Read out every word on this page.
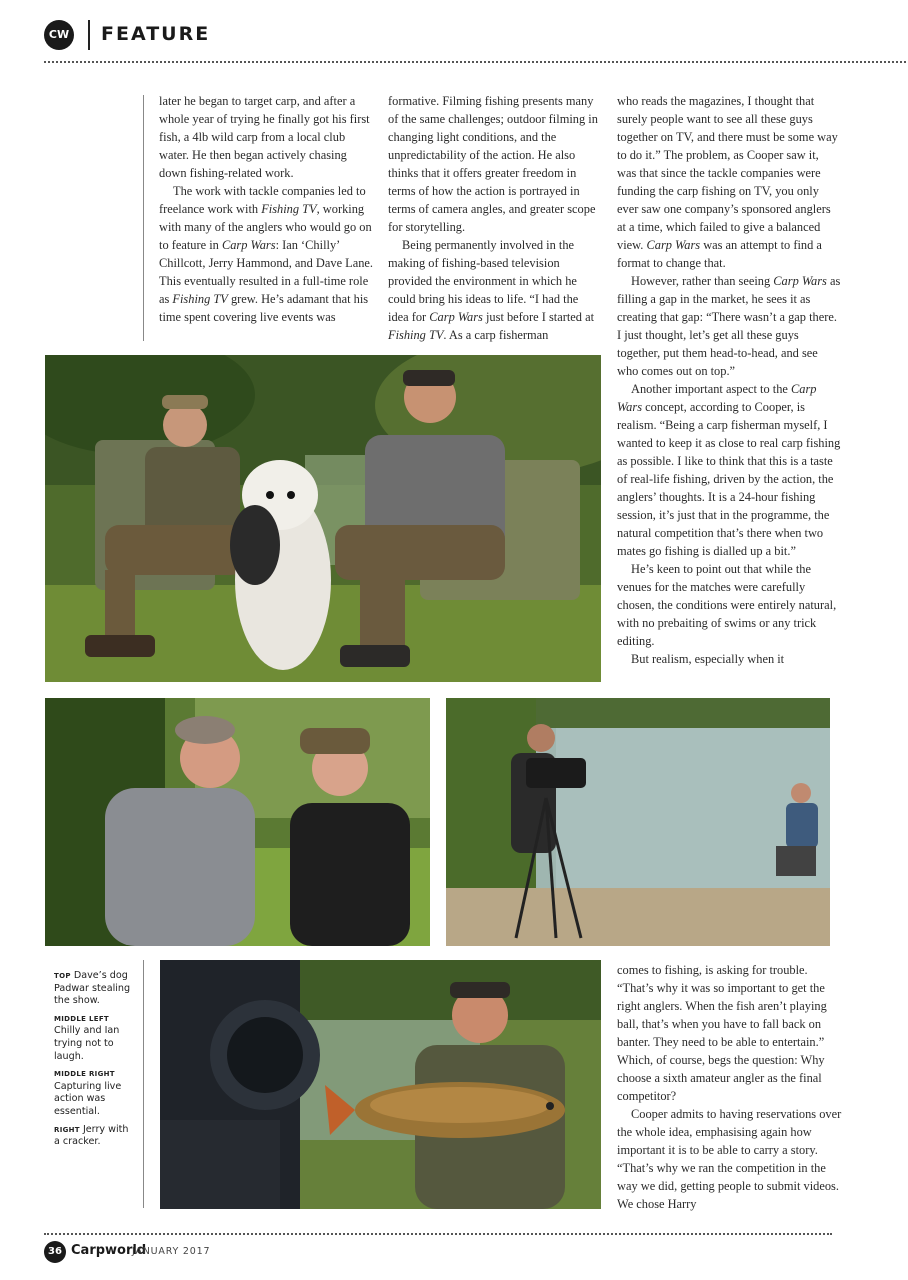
CW FEATURE

later he began to target carp, and after a whole year of trying he finally got his first fish, a 4lb wild carp from a local club water. He then began actively chasing down fishing-related work.

The work with tackle companies led to freelance work with Fishing TV, working with many of the anglers who would go on to feature in Carp Wars: Ian ‘Chilly’ Chillcott, Jerry Hammond, and Dave Lane. This eventually resulted in a full-time role as Fishing TV grew. He’s adamant that his time spent covering live events was

formative. Filming fishing presents many of the same challenges; outdoor filming in changing light conditions, and the unpredictability of the action. He also thinks that it offers greater freedom in terms of how the action is portrayed in terms of camera angles, and greater scope for storytelling.

Being permanently involved in the making of fishing-based television provided the environment in which he could bring his ideas to life. “I had the idea for Carp Wars just before I started at Fishing TV. As a carp fisherman

who reads the magazines, I thought that surely people want to see all these guys together on TV, and there must be some way to do it.” The problem, as Cooper saw it, was that since the tackle companies were funding the carp fishing on TV, you only ever saw one company’s sponsored anglers at a time, which failed to give a balanced view. Carp Wars was an attempt to find a format to change that.

However, rather than seeing Carp Wars as filling a gap in the market, he sees it as creating that gap: “There wasn’t a gap there. I just thought, let’s get all these guys together, put them head-to-head, and see who comes out on top.”

Another important aspect to the Carp Wars concept, according to Cooper, is realism. “Being a carp fisherman myself, I wanted to keep it as close to real carp fishing as possible. I like to think that this is a taste of real-life fishing, driven by the action, the anglers’ thoughts. It is a 24-hour fishing session, it’s just that in the programme, the natural competition that’s there when two mates go fishing is dialled up a bit.”

He’s keen to point out that while the venues for the matches were carefully chosen, the conditions were entirely natural, with no prebaiting of swims or any trick editing.

But realism, especially when it

comes to fishing, is asking for trouble. “That’s why it was so important to get the right anglers. When the fish aren’t playing ball, that’s when you have to fall back on banter. They need to be able to entertain.” Which, of course, begs the question: Why choose a sixth amateur angler as the final competitor?

Cooper admits to having reservations over the whole idea, emphasising again how important it is to be able to carry a story. “That’s why we ran the competition in the way we did, getting people to submit videos. We chose Harry

TOP Dave’s dog Padwar stealing the show.
MIDDLE LEFT Chilly and Ian trying not to laugh.
MIDDLE RIGHT Capturing live action was essential.
RIGHT Jerry with a cracker.
36 Carpworld
JANUARY 2017
